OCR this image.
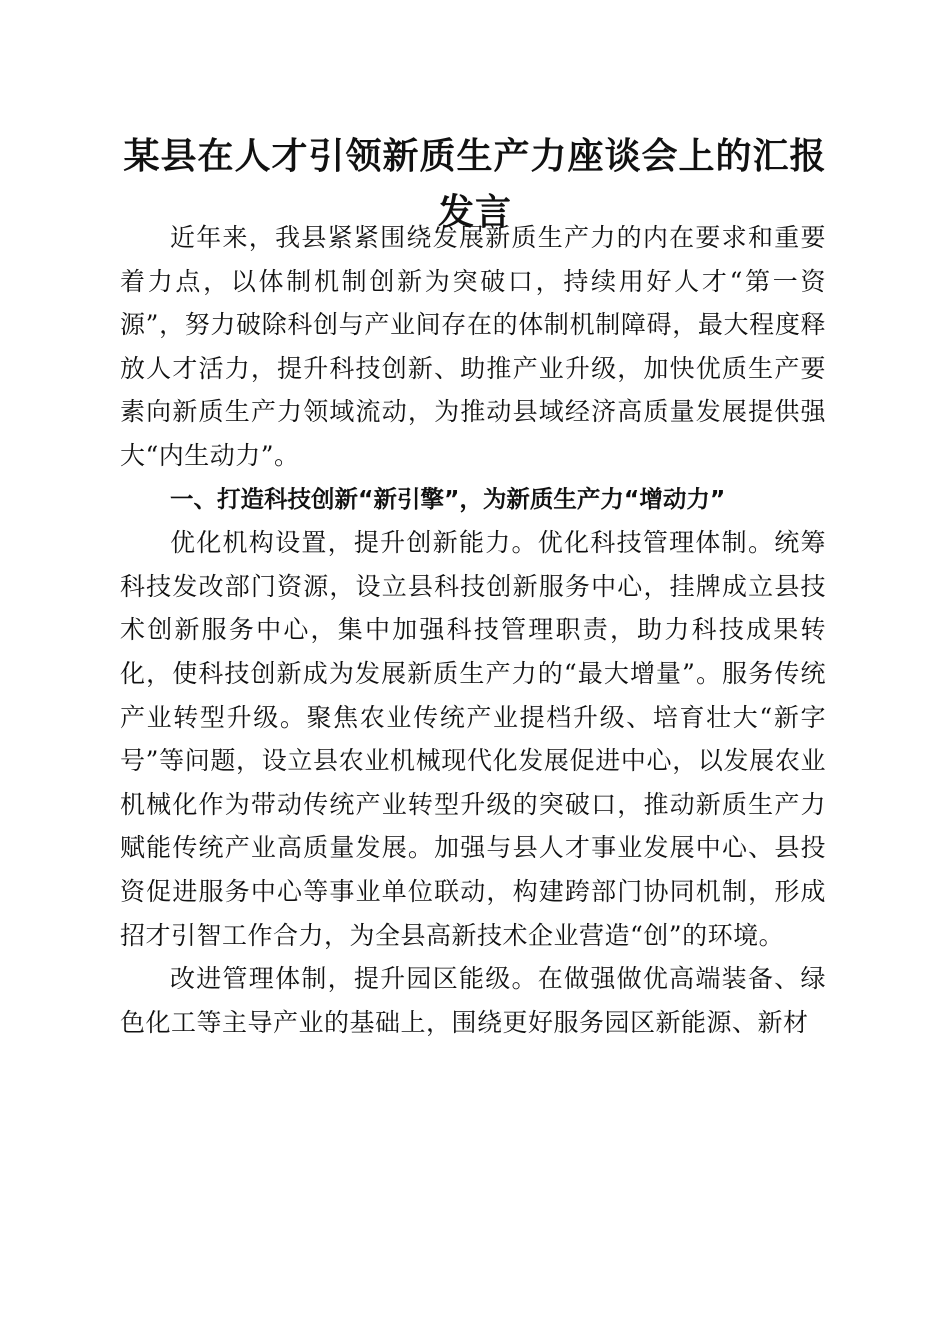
某县在人才引领新质生产力座谈会上的汇报发言

近年来，我县紧紧围绕发展新质生产力的内在要求和重要着力点，以体制机制创新为突破口，持续用好人才“第一资源”，努力破除科创与产业间存在的体制机制障碍，最大程度释放人才活力，提升科技创新、助推产业升级，加快优质生产要素向新质生产力领域流动，为推动县域经济高质量发展提供强大“内生动力”。

一、打造科技创新“新引擎”，为新质生产力“增动力”

优化机构设置，提升创新能力。优化科技管理体制。统筹科技发改部门资源，设立县科技创新服务中心，挂牌成立县技术创新服务中心，集中加强科技管理职责，助力科技成果转化，使科技创新成为发展新质生产力的“最大增量”。服务传统产业转型升级。聚焦农业传统产业提档升级、培育壮大“新字号”等问题，设立县农业机械现代化发展促进中心，以发展农业机械化作为带动传统产业转型升级的突破口，推动新质生产力赋能传统产业高质量发展。加强与县人才事业发展中心、县投资促进服务中心等事业单位联动，构建跨部门协同机制，形成招才引智工作合力，为全县高新技术企业营造“创”的环境。

改进管理体制，提升园区能级。在做强做优高端装备、绿色化工等主导产业的基础上，围绕更好服务园区新能源、新材
